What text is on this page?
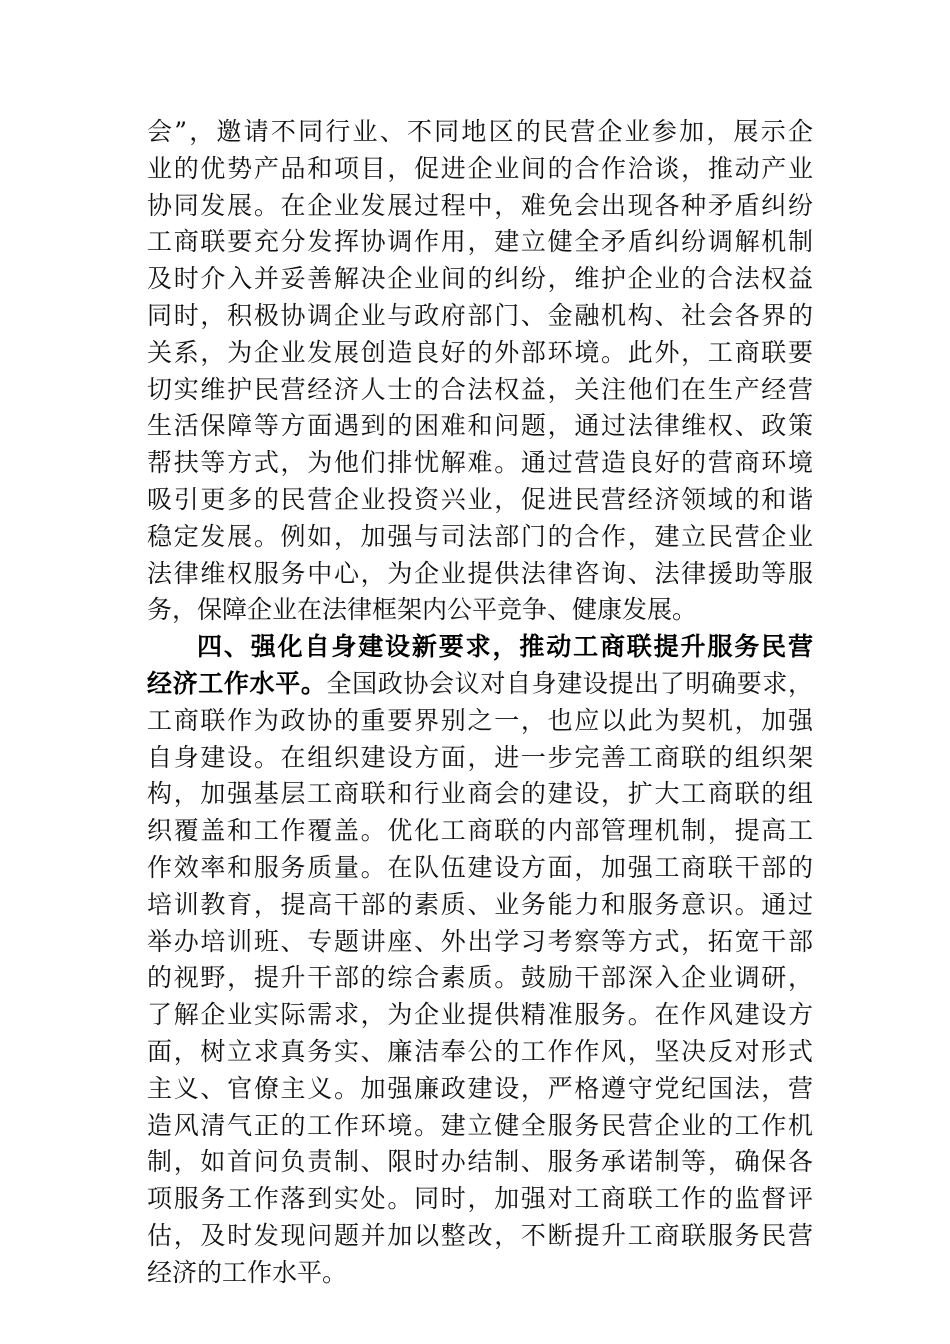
会”，邀请不同行业、不同地区的民营企业参加，展示企
业的优势产品和项目，促进企业间的合作洽谈，推动产业
协同发展。在企业发展过程中，难免会出现各种矛盾纠纷
工商联要充分发挥协调作用，建立健全矛盾纠纷调解机制
及时介入并妥善解决企业间的纠纷，维护企业的合法权益
同时，积极协调企业与政府部门、金融机构、社会各界的
关系，为企业发展创造良好的外部环境。此外，工商联要
切实维护民营经济人士的合法权益，关注他们在生产经营
生活保障等方面遇到的困难和问题，通过法律维权、政策
帮扶等方式，为他们排忧解难。通过营造良好的营商环境
吸引更多的民营企业投资兴业，促进民营经济领域的和谐
稳定发展。例如，加强与司法部门的合作，建立民营企业
法律维权服务中心，为企业提供法律咨询、法律援助等服
务，保障企业在法律框架内公平竞争、健康发展。
四、强化自身建设新要求，推动工商联提升服务民营
经济工作水平。全国政协会议对自身建设提出了明确要求，
工商联作为政协的重要界别之一，也应以此为契机，加强
自身建设。在组织建设方面，进一步完善工商联的组织架
构，加强基层工商联和行业商会的建设，扩大工商联的组
织覆盖和工作覆盖。优化工商联的内部管理机制，提高工
作效率和服务质量。在队伍建设方面，加强工商联干部的
培训教育，提高干部的素质、业务能力和服务意识。通过
举办培训班、专题讲座、外出学习考察等方式，拓宽干部
的视野，提升干部的综合素质。鼓励干部深入企业调研，
了解企业实际需求，为企业提供精准服务。在作风建设方
面，树立求真务实、廉洁奉公的工作作风，坚决反对形式
主义、官僚主义。加强廉政建设，严格遵守党纪国法，营
造风清气正的工作环境。建立健全服务民营企业的工作机
制，如首问负责制、限时办结制、服务承诺制等，确保各
项服务工作落到实处。同时，加强对工商联工作的监督评
估，及时发现问题并加以整改，不断提升工商联服务民营
经济的工作水平。
